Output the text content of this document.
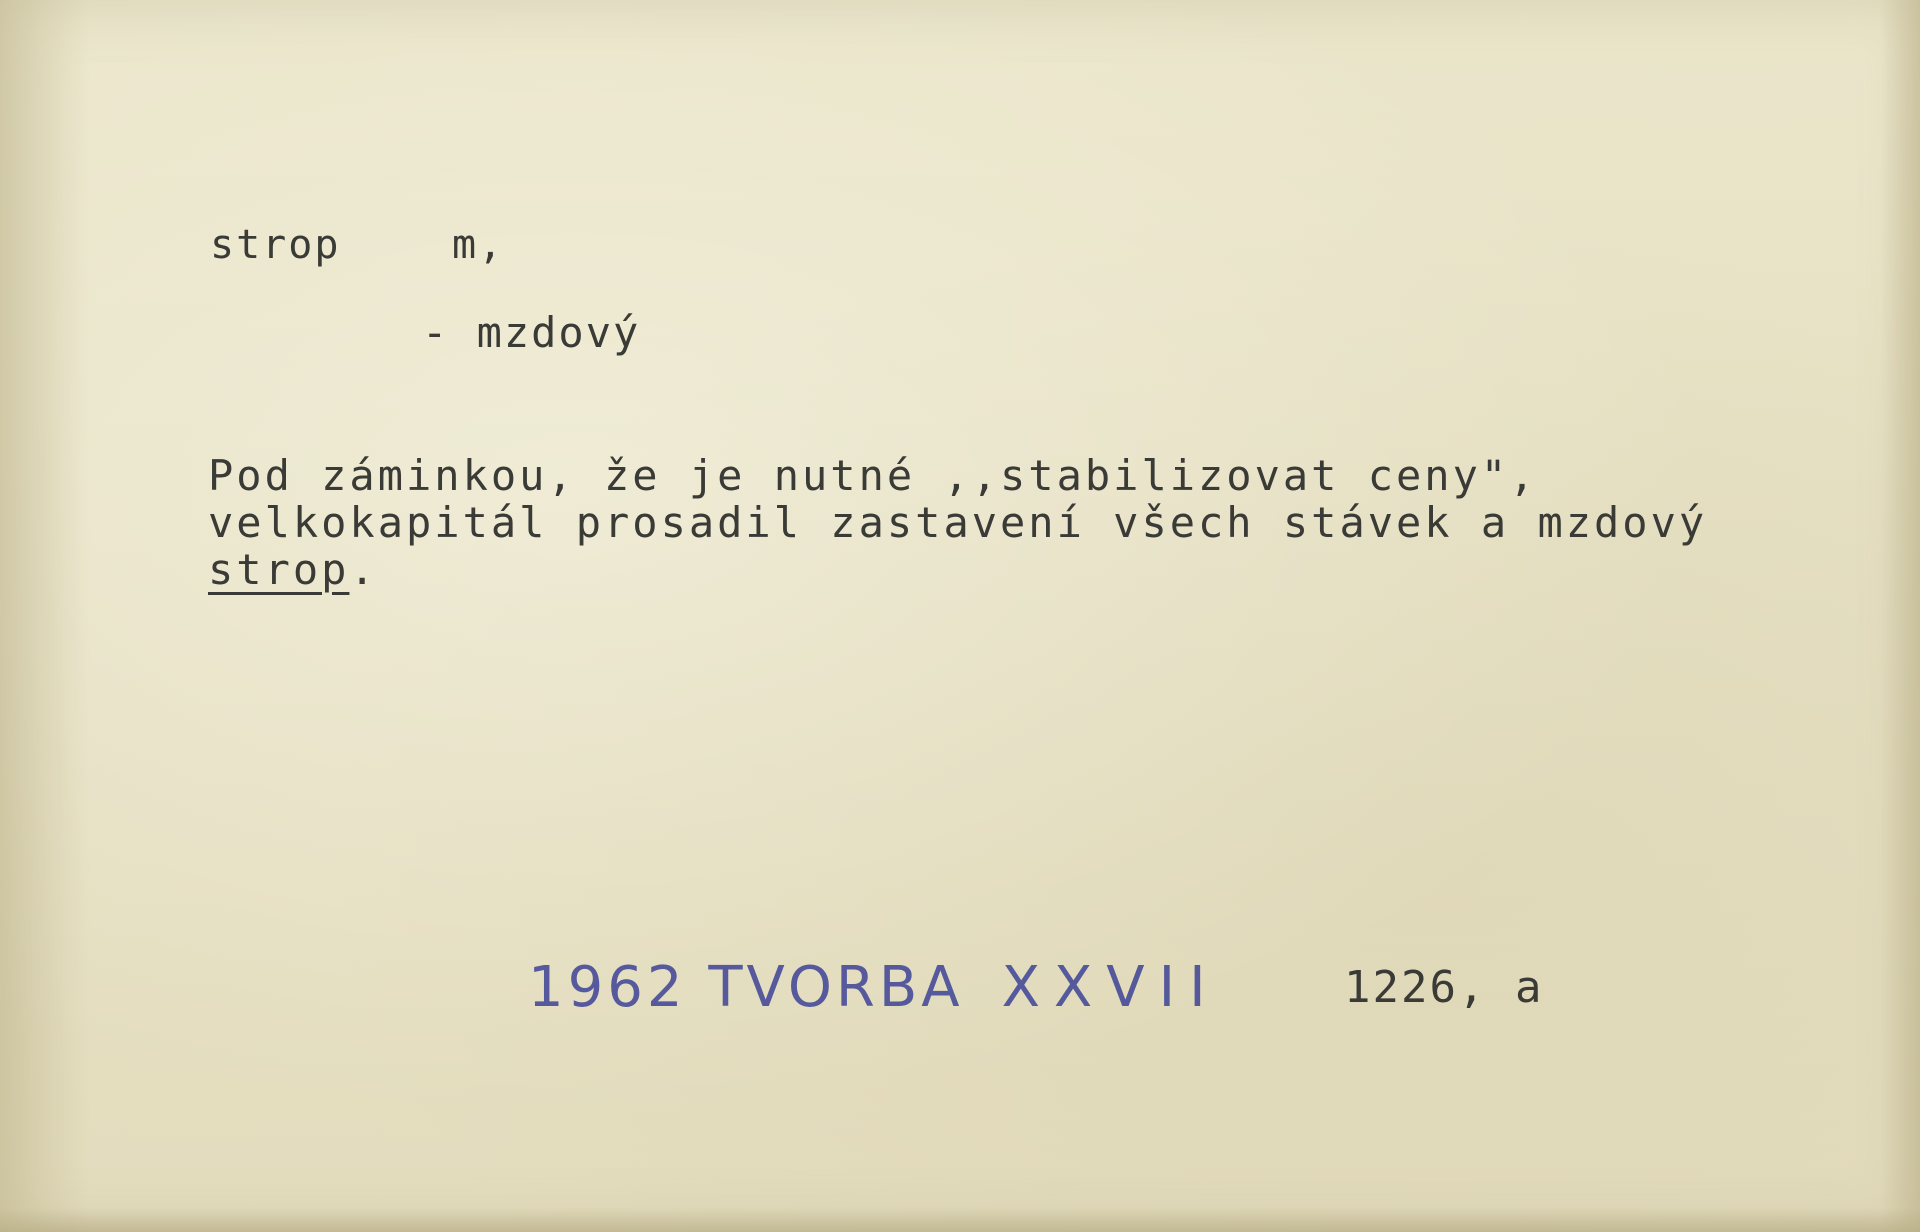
strop	m,
- mzdový
Pod záminkou, že je nutné ,,stabilizovat ceny",
velkokapitál prosadil zastavení všech stávek a mzdový
strop.
1962 TVORBA XXVII	1226, a
